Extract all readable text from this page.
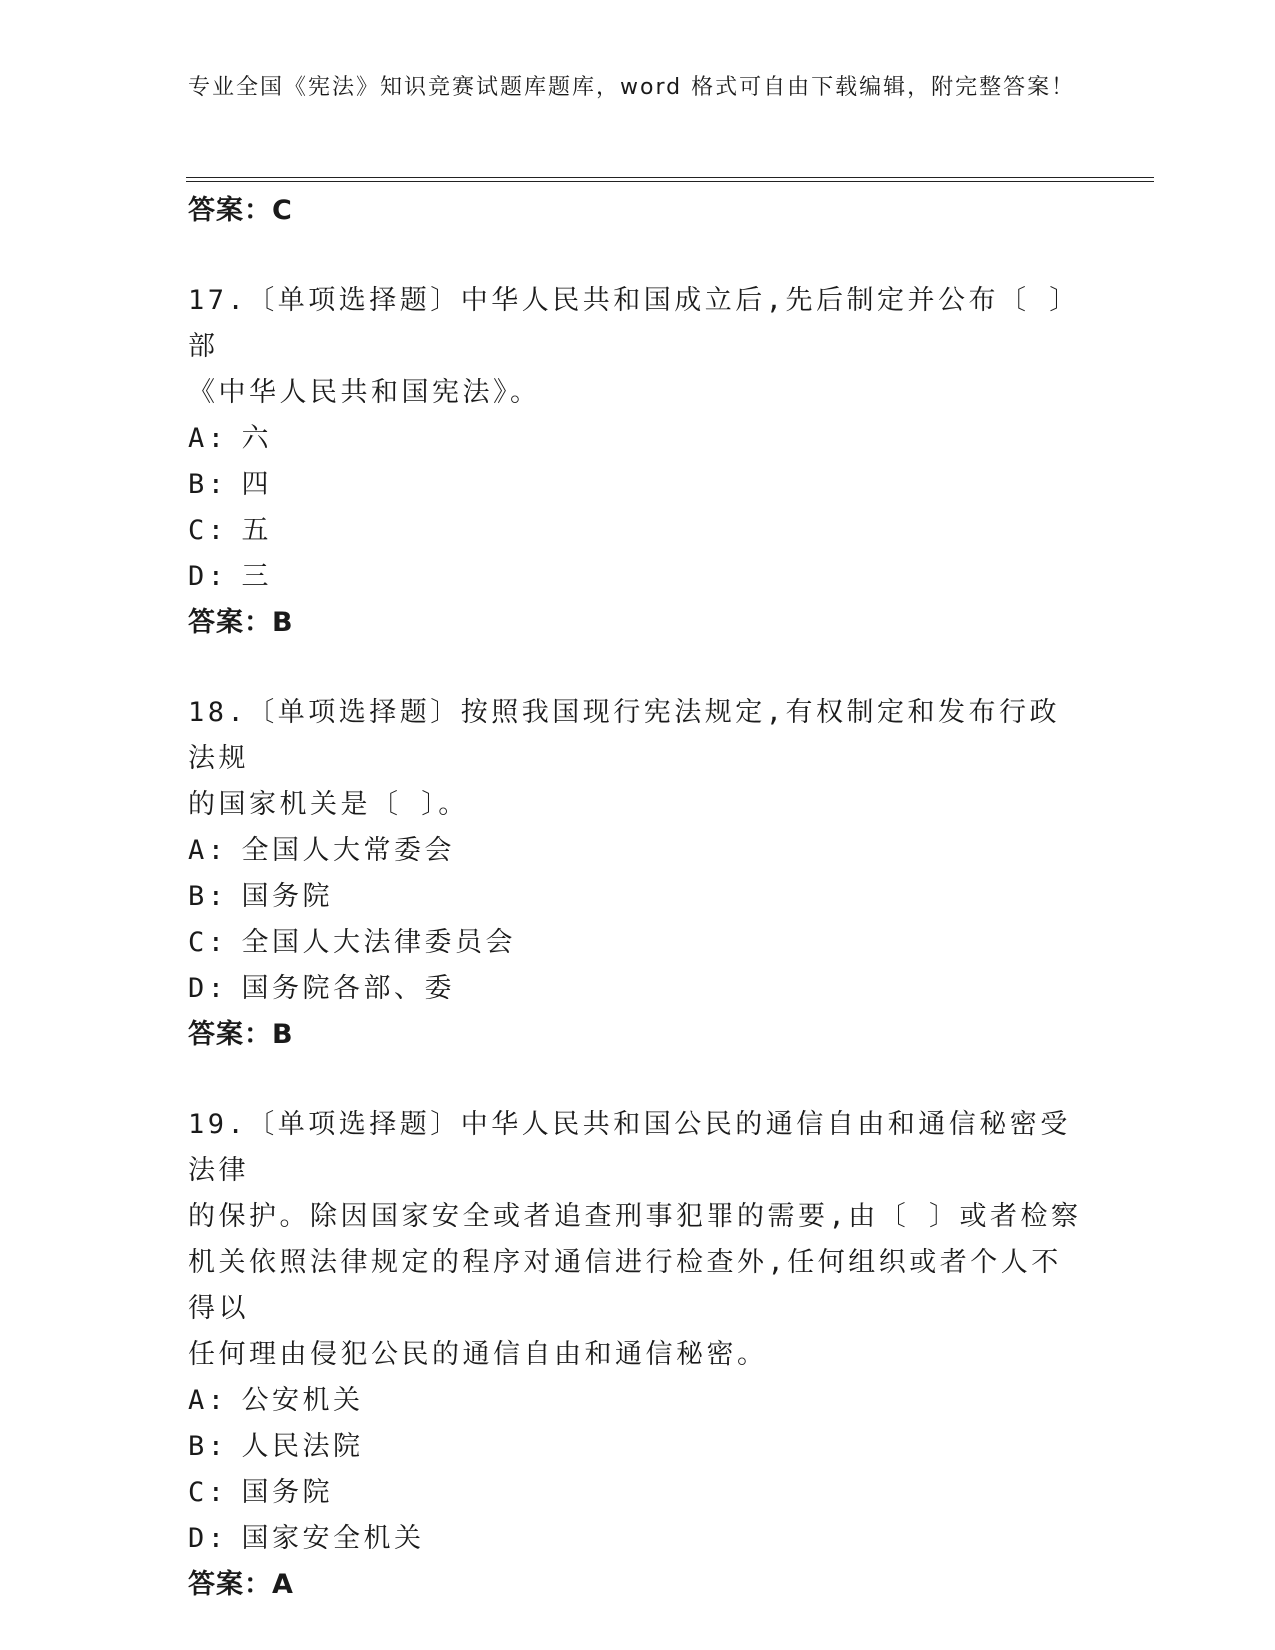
专业全国《宪法》知识竞赛试题库题库，word 格式可自由下载编辑，附完整答案！
答案：C
17.〔单项选择题〕中华人民共和国成立后,先后制定并公布〔 〕部
《中华人民共和国宪法》。
A: 六
B: 四
C: 五
D: 三
答案：B
18.〔单项选择题〕按照我国现行宪法规定,有权制定和发布行政法规
的国家机关是〔 〕。
A: 全国人大常委会
B: 国务院
C: 全国人大法律委员会
D: 国务院各部、委
答案：B
19.〔单项选择题〕中华人民共和国公民的通信自由和通信秘密受法律
的保护。除因国家安全或者追查刑事犯罪的需要,由〔 〕或者检察
机关依照法律规定的程序对通信进行检查外,任何组织或者个人不得以
任何理由侵犯公民的通信自由和通信秘密。
A: 公安机关
B: 人民法院
C: 国务院
D: 国家安全机关
答案：A
